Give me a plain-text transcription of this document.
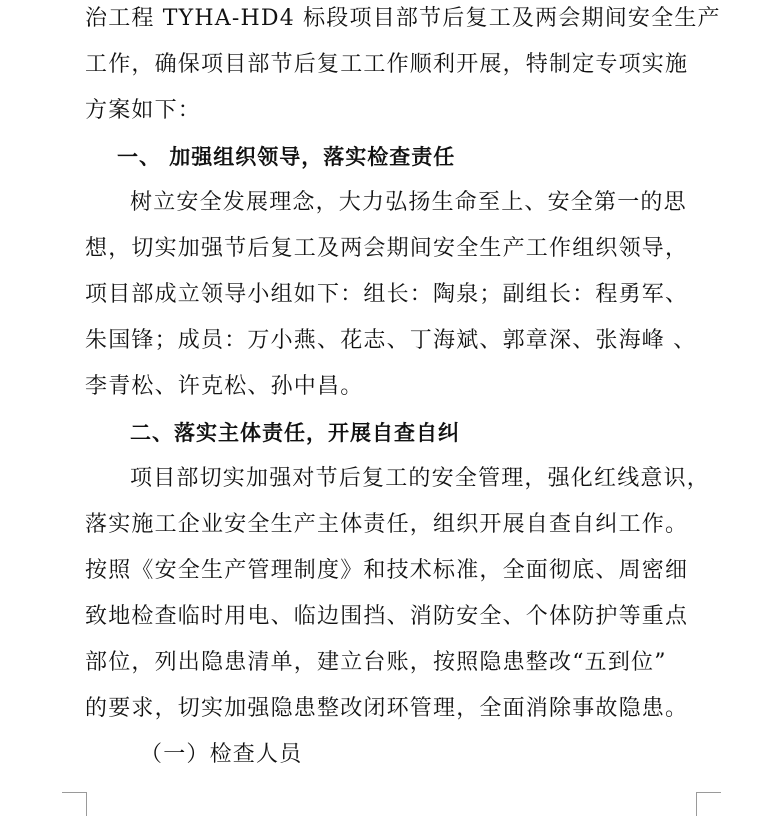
治工程 TYHA-HD4 标段项目部节后复工及两会期间安全生产
工作，确保项目部节后复工工作顺利开展，特制定专项实施
方案如下：
一、 加强组织领导，落实检查责任
树立安全发展理念，大力弘扬生命至上、安全第一的思
想，切实加强节后复工及两会期间安全生产工作组织领导，
项目部成立领导小组如下：组长：陶泉；副组长：程勇军、
朱国锋；成员：万小燕、花志、丁海斌、郭章深、张海峰 、
李青松、许克松、孙中昌。
二、落实主体责任，开展自查自纠
项目部切实加强对节后复工的安全管理，强化红线意识，
落实施工企业安全生产主体责任，组织开展自查自纠工作。
按照《安全生产管理制度》和技术标准，全面彻底、周密细
致地检查临时用电、临边围挡、消防安全、个体防护等重点
部位，列出隐患清单，建立台账，按照隐患整改“五到位”
的要求，切实加强隐患整改闭环管理，全面消除事故隐患。
（一）检查人员
